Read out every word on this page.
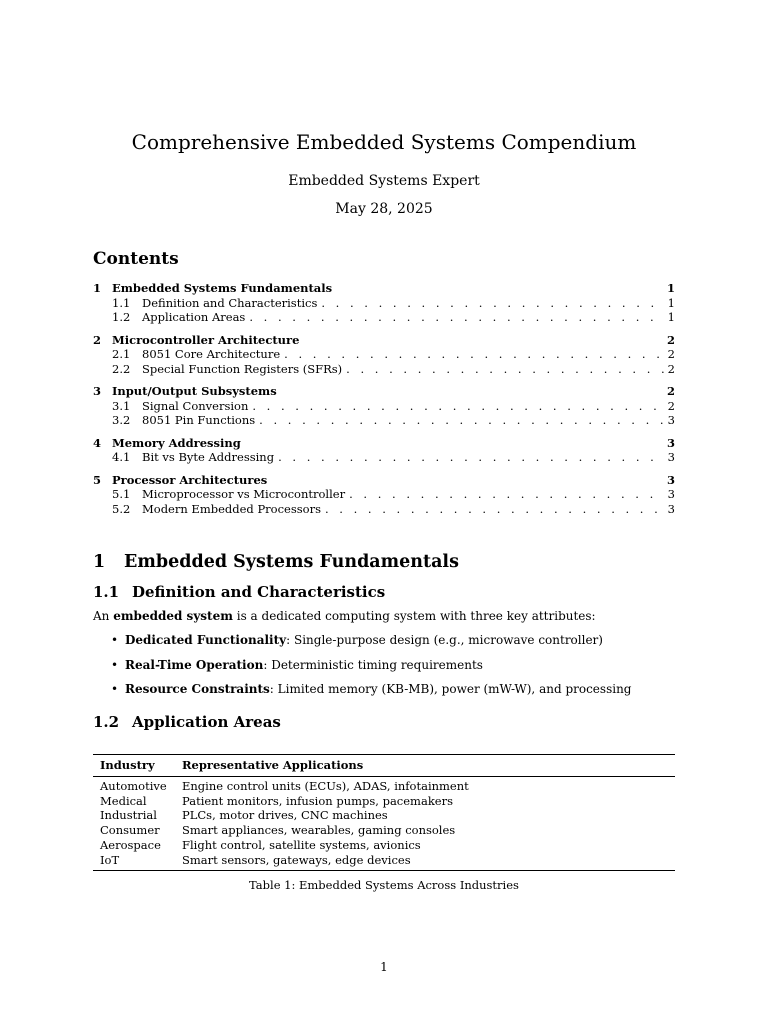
Comprehensive Embedded Systems Compendium
Embedded Systems Expert
May 28, 2025
Contents
1 Embedded Systems Fundamentals	1
1.1	Definition and Characteristics . . .	1
1.2	Application Areas . . .	1
2 Microcontroller Architecture	2
2.1	8051 Core Architecture . . .	2
2.2	Special Function Registers (SFRs) . . .	2
3 Input/Output Subsystems	2
3.1	Signal Conversion . . .	2
3.2	8051 Pin Functions . . .	3
4 Memory Addressing	3
4.1	Bit vs Byte Addressing . . .	3
5 Processor Architectures	3
5.1	Microprocessor vs Microcontroller . . .	3
5.2	Modern Embedded Processors . . .	3
1 Embedded Systems Fundamentals
1.1 Definition and Characteristics
An embedded system is a dedicated computing system with three key attributes:
• Dedicated Functionality: Single-purpose design (e.g., microwave controller)
• Real-Time Operation: Deterministic timing requirements
• Resource Constraints: Limited memory (KB-MB), power (mW-W), and processing
1.2 Application Areas
Industry	Representative Applications
Automotive	Engine control units (ECUs), ADAS, infotainment
Medical	Patient monitors, infusion pumps, pacemakers
Industrial	PLCs, motor drives, CNC machines
Consumer	Smart appliances, wearables, gaming consoles
Aerospace	Flight control, satellite systems, avionics
IoT	Smart sensors, gateways, edge devices
Table 1: Embedded Systems Across Industries
1
